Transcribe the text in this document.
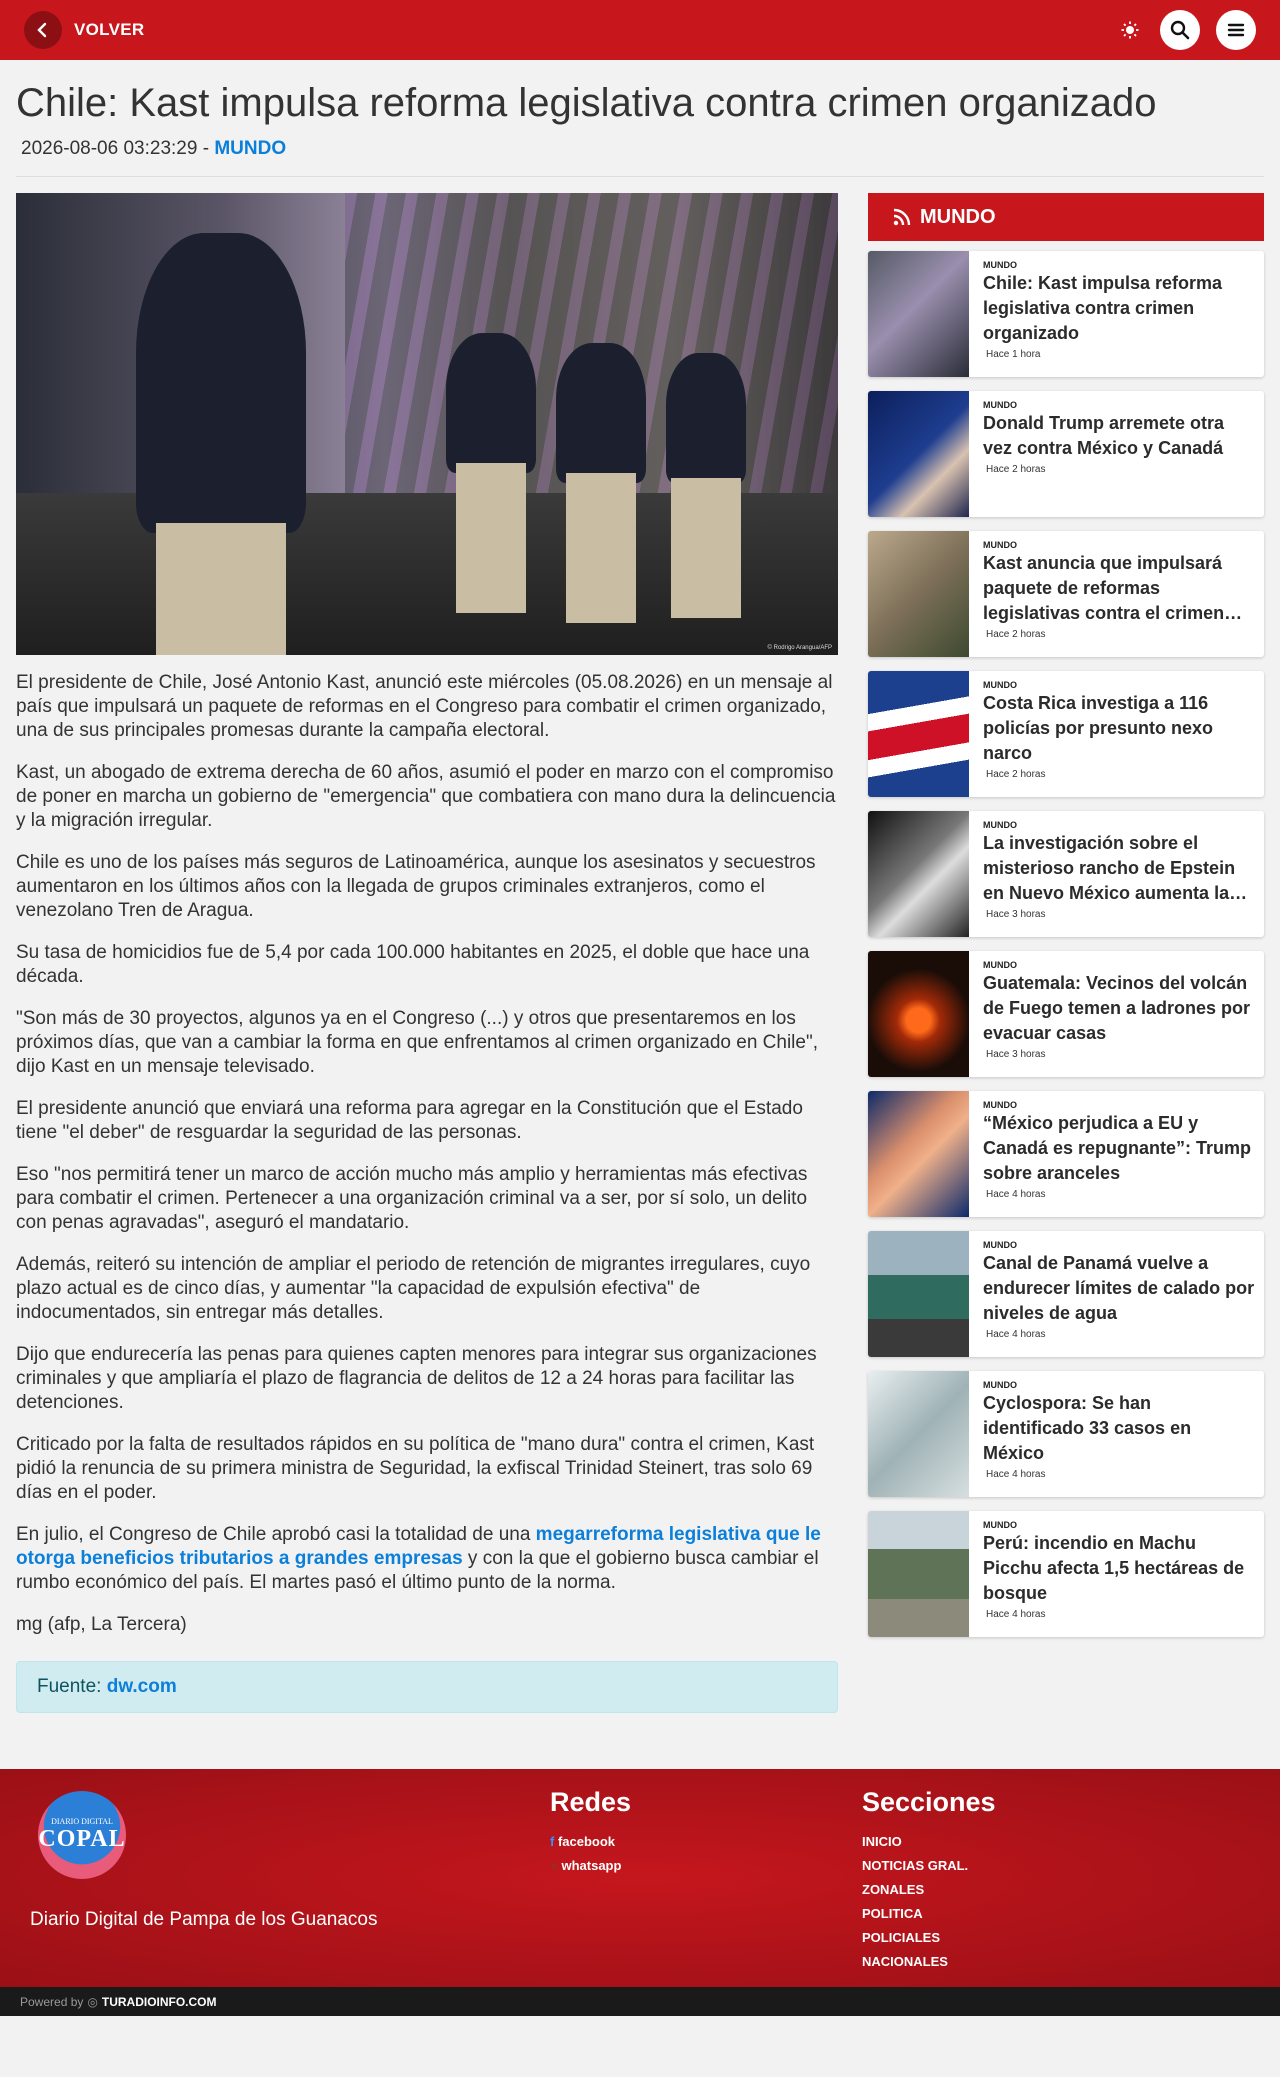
VOLVER
Chile: Kast impulsa reforma legislativa contra crimen organizado
2026-08-06 03:23:29 - MUNDO
© Rodrigo Arangua/AFP

El presidente de Chile, José Antonio Kast, anunció este miércoles (05.08.2026) en un mensaje al país que impulsará un paquete de reformas en el Congreso para combatir el crimen organizado, una de sus principales promesas durante la campaña electoral.

Kast, un abogado de extrema derecha de 60 años, asumió el poder en marzo con el compromiso de poner en marcha un gobierno de "emergencia" que combatiera con mano dura la delincuencia y la migración irregular.

Chile es uno de los países más seguros de Latinoamérica, aunque los asesinatos y secuestros aumentaron en los últimos años con la llegada de grupos criminales extranjeros, como el venezolano Tren de Aragua.

Su tasa de homicidios fue de 5,4 por cada 100.000 habitantes en 2025, el doble que hace una década.

"Son más de 30 proyectos, algunos ya en el Congreso (...) y otros que presentaremos en los próximos días, que van a cambiar la forma en que enfrentamos al crimen organizado en Chile", dijo Kast en un mensaje televisado.

El presidente anunció que enviará una reforma para agregar en la Constitución que el Estado tiene "el deber" de resguardar la seguridad de las personas.

Eso "nos permitirá tener un marco de acción mucho más amplio y herramientas más efectivas para combatir el crimen. Pertenecer a una organización criminal va a ser, por sí solo, un delito con penas agravadas", aseguró el mandatario.

Además, reiteró su intención de ampliar el periodo de retención de migrantes irregulares, cuyo plazo actual es de cinco días, y aumentar "la capacidad de expulsión efectiva" de indocumentados, sin entregar más detalles.

Dijo que endurecería las penas para quienes capten menores para integrar sus organizaciones criminales y que ampliaría el plazo de flagrancia de delitos de 12 a 24 horas para facilitar las detenciones.

Criticado por la falta de resultados rápidos en su política de "mano dura" contra el crimen, Kast pidió la renuncia de su primera ministra de Seguridad, la exfiscal Trinidad Steinert, tras solo 69 días en el poder.

En julio, el Congreso de Chile aprobó casi la totalidad de una megarreforma legislativa que le otorga beneficios tributarios a grandes empresas y con la que el gobierno busca cambiar el rumbo económico del país. El martes pasó el último punto de la norma.

mg (afp, La Tercera)

Fuente: dw.com
MUNDO
MUNDO
Chile: Kast impulsa reforma legislativa contra crimen organizado
Hace 1 hora
MUNDO
Donald Trump arremete otra vez contra México y Canadá
Hace 2 horas
MUNDO
Kast anuncia que impulsará paquete de reformas legislativas contra el crimen
Hace 2 horas
MUNDO
Costa Rica investiga a 116 policías por presunto nexo narco
Hace 2 horas
MUNDO
La investigación sobre el misterioso rancho de Epstein en Nuevo México aumenta la
Hace 3 horas
MUNDO
Guatemala: Vecinos del volcán de Fuego temen a ladrones por evacuar casas
Hace 3 horas
MUNDO
“México perjudica a EU y Canadá es repugnante”: Trump sobre aranceles
Hace 4 horas
MUNDO
Canal de Panamá vuelve a endurecer límites de calado por niveles de agua
Hace 4 horas
MUNDO
Cyclospora: Se han identificado 33 casos en México
Hace 4 horas
MUNDO
Perú: incendio en Machu Picchu afecta 1,5 hectáreas de bosque
Hace 4 horas
DIARIO DIGITAL
COPAL
Diario Digital de Pampa de los Guanacos
Redes
f facebook
● whatsapp
Secciones
INICIO
NOTICIAS GRAL.
ZONALES
POLITICA
POLICIALES
NACIONALES
Powered by ◎ TURADIOINFO.COM
